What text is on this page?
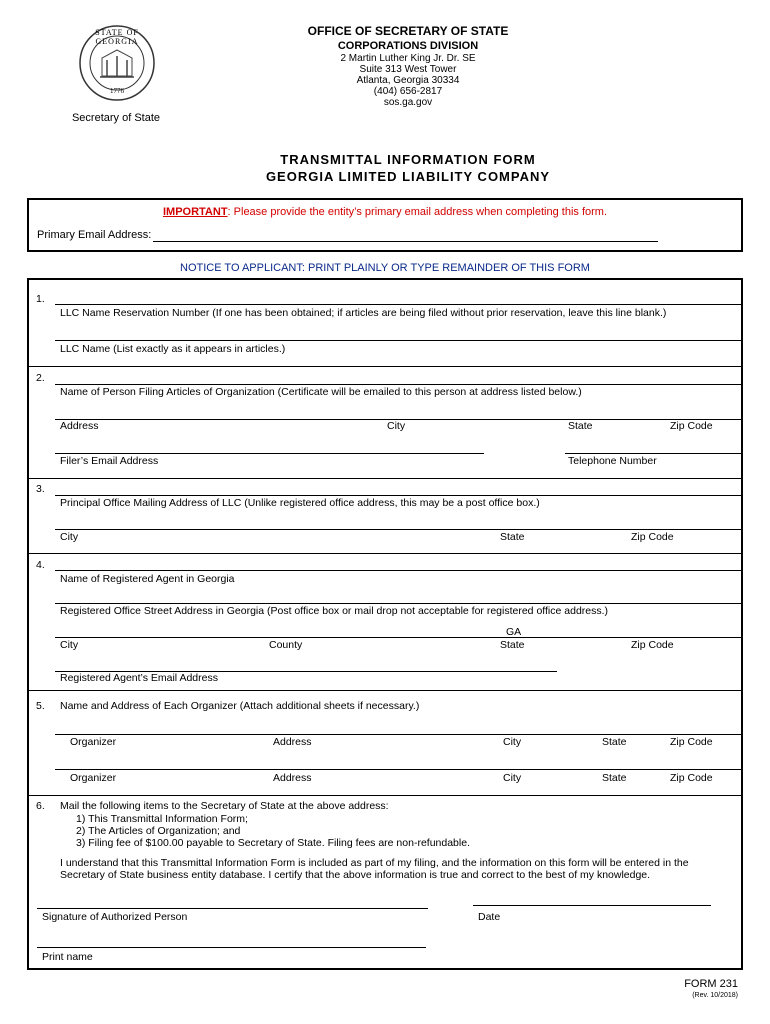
STATE OF GEORGIA
1776
Secretary of State
OFFICE OF SECRETARY OF STATE
CORPORATIONS DIVISION
2 Martin Luther King Jr. Dr. SE
Suite 313 West Tower
Atlanta, Georgia 30334
(404) 656-2817
sos.ga.gov
TRANSMITTAL INFORMATION FORM
GEORGIA LIMITED LIABILITY COMPANY
IMPORTANT: Please provide the entity’s primary email address when completing this form.
Primary Email Address:
NOTICE TO APPLICANT: PRINT PLAINLY OR TYPE REMAINDER OF THIS FORM
1.
LLC Name Reservation Number (If one has been obtained; if articles are being filed without prior reservation, leave this line blank.)
LLC Name (List exactly as it appears in articles.)
2.
Name of Person Filing Articles of Organization (Certificate will be emailed to this person at address listed below.)
Address	City	State	Zip Code
Filer’s Email Address	Telephone Number
3.
Principal Office Mailing Address of LLC (Unlike registered office address, this may be a post office box.)
City	State	Zip Code
4.
Name of Registered Agent in Georgia
Registered Office Street Address in Georgia (Post office box or mail drop not acceptable for registered office address.)
GA
City	County	State	Zip Code
Registered Agent’s Email Address
5. Name and Address of Each Organizer (Attach additional sheets if necessary.)
Organizer	Address	City	State	Zip Code
Organizer	Address	City	State	Zip Code
6. Mail the following items to the Secretary of State at the above address:
1) This Transmittal Information Form;
2) The Articles of Organization; and
3) Filing fee of $100.00 payable to Secretary of State. Filing fees are non-refundable.
I understand that this Transmittal Information Form is included as part of my filing, and the information on this form will be entered in the
Secretary of State business entity database. I certify that the above information is true and correct to the best of my knowledge.
Signature of Authorized Person	Date
Print name
FORM 231
(Rev. 10/2018)
